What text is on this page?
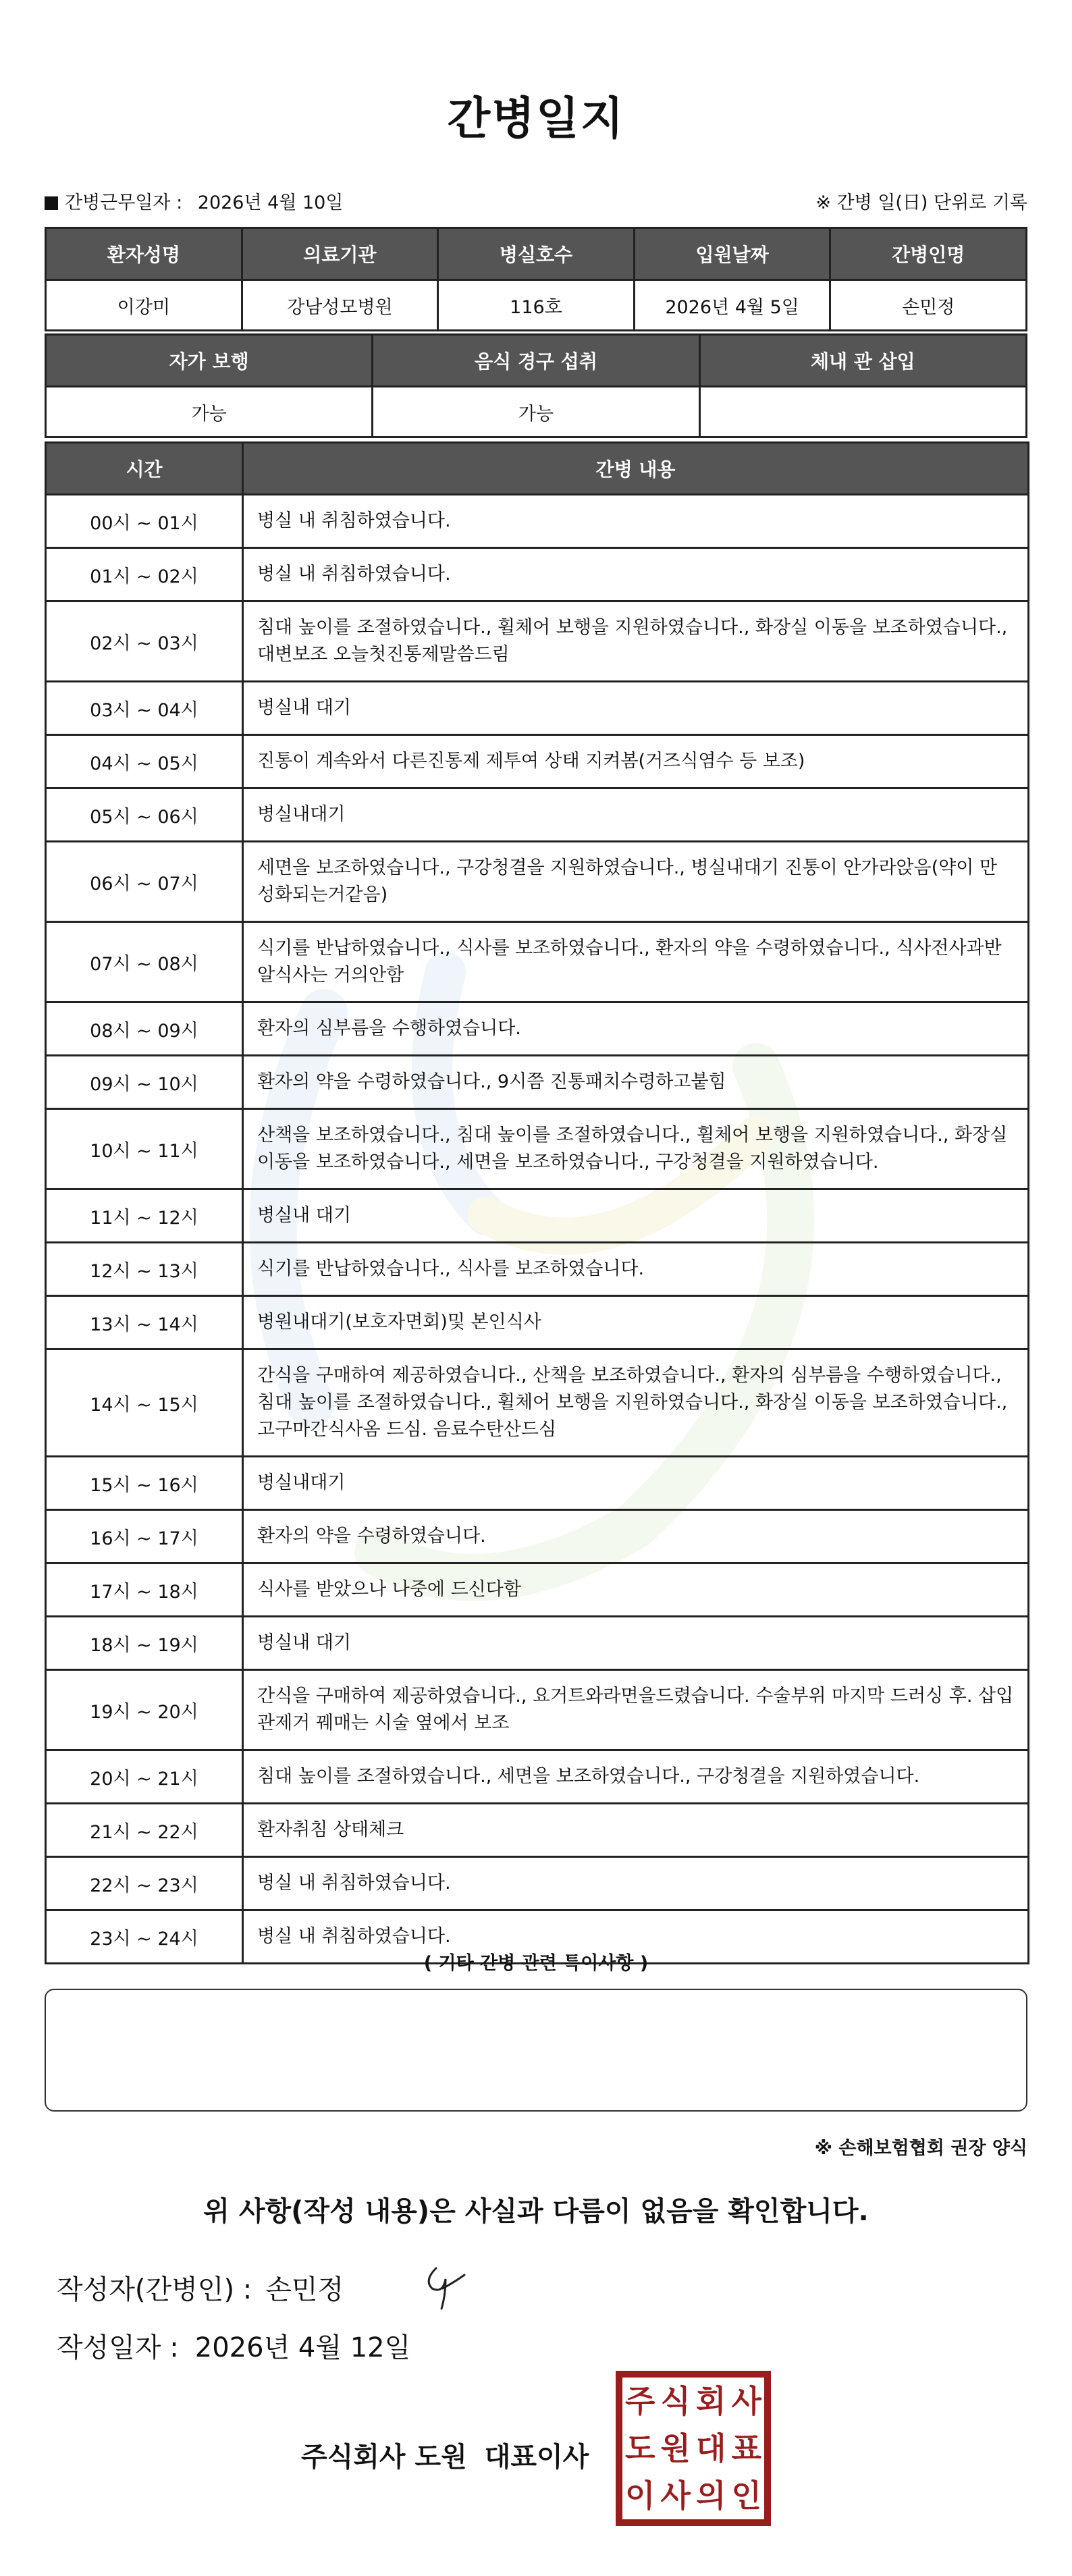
간병일지
간병근무일자 : 2026년 4월 10일	※ 간병 일(日) 단위로 기록
환자성명	의료기관	병실호수	입원날짜	간병인명
이강미	강남성모병원	116호	2026년 4월 5일	손민정
자가 보행	음식 경구 섭취	체내 관 삽입
가능	가능	
시간	간병 내용
00시 ~ 01시	병실 내 취침하였습니다.
01시 ~ 02시	병실 내 취침하였습니다.
02시 ~ 03시	침대 높이를 조절하였습니다., 휠체어 보행을 지원하였습니다., 화장실 이동을 보조하였습니다., 대변보조 오늘첫진통제말씀드림
03시 ~ 04시	병실내 대기
04시 ~ 05시	진통이 계속와서 다른진통제 제투여 상태 지켜봄(거즈식염수 등 보조)
05시 ~ 06시	병실내대기
06시 ~ 07시	세면을 보조하였습니다., 구강청결을 지원하였습니다., 병실내대기 진통이 안가라앉음(약이 만성화되는거같음)
07시 ~ 08시	식기를 반납하였습니다., 식사를 보조하였습니다., 환자의 약을 수령하였습니다., 식사전사과반알식사는 거의안함
08시 ~ 09시	환자의 심부름을 수행하였습니다.
09시 ~ 10시	환자의 약을 수령하였습니다., 9시쯤 진통패치수령하고붙힘
10시 ~ 11시	산책을 보조하였습니다., 침대 높이를 조절하였습니다., 휠체어 보행을 지원하였습니다., 화장실 이동을 보조하였습니다., 세면을 보조하였습니다., 구강청결을 지원하였습니다.
11시 ~ 12시	병실내 대기
12시 ~ 13시	식기를 반납하였습니다., 식사를 보조하였습니다.
13시 ~ 14시	병원내대기(보호자면회)및 본인식사
14시 ~ 15시	간식을 구매하여 제공하였습니다., 산책을 보조하였습니다., 환자의 심부름을 수행하였습니다., 침대 높이를 조절하였습니다., 휠체어 보행을 지원하였습니다., 화장실 이동을 보조하였습니다., 고구마간식사옴 드심. 음료수탄산드심
15시 ~ 16시	병실내대기
16시 ~ 17시	환자의 약을 수령하였습니다.
17시 ~ 18시	식사를 받았으나 나중에 드신다함
18시 ~ 19시	병실내 대기
19시 ~ 20시	간식을 구매하여 제공하였습니다., 요거트와라면을드렸습니다. 수술부위 마지막 드러싱 후. 삽입관제거 꿰매는 시술 옆에서 보조
20시 ~ 21시	침대 높이를 조절하였습니다., 세면을 보조하였습니다., 구강청결을 지원하였습니다.
21시 ~ 22시	환자취침 상태체크
22시 ~ 23시	병실 내 취침하였습니다.
23시 ~ 24시	병실 내 취침하였습니다.
( 기타 간병 관련 특이사항 )
※ 손해보험협회 권장 양식
위 사항(작성 내용)은 사실과 다름이 없음을 확인합니다.
작성자(간병인) : 손민정
작성일자 : 2026년 4월 12일
주식회사 도원 대표이사
주 식 회 사
도 원 대 표
이 사 의 인
